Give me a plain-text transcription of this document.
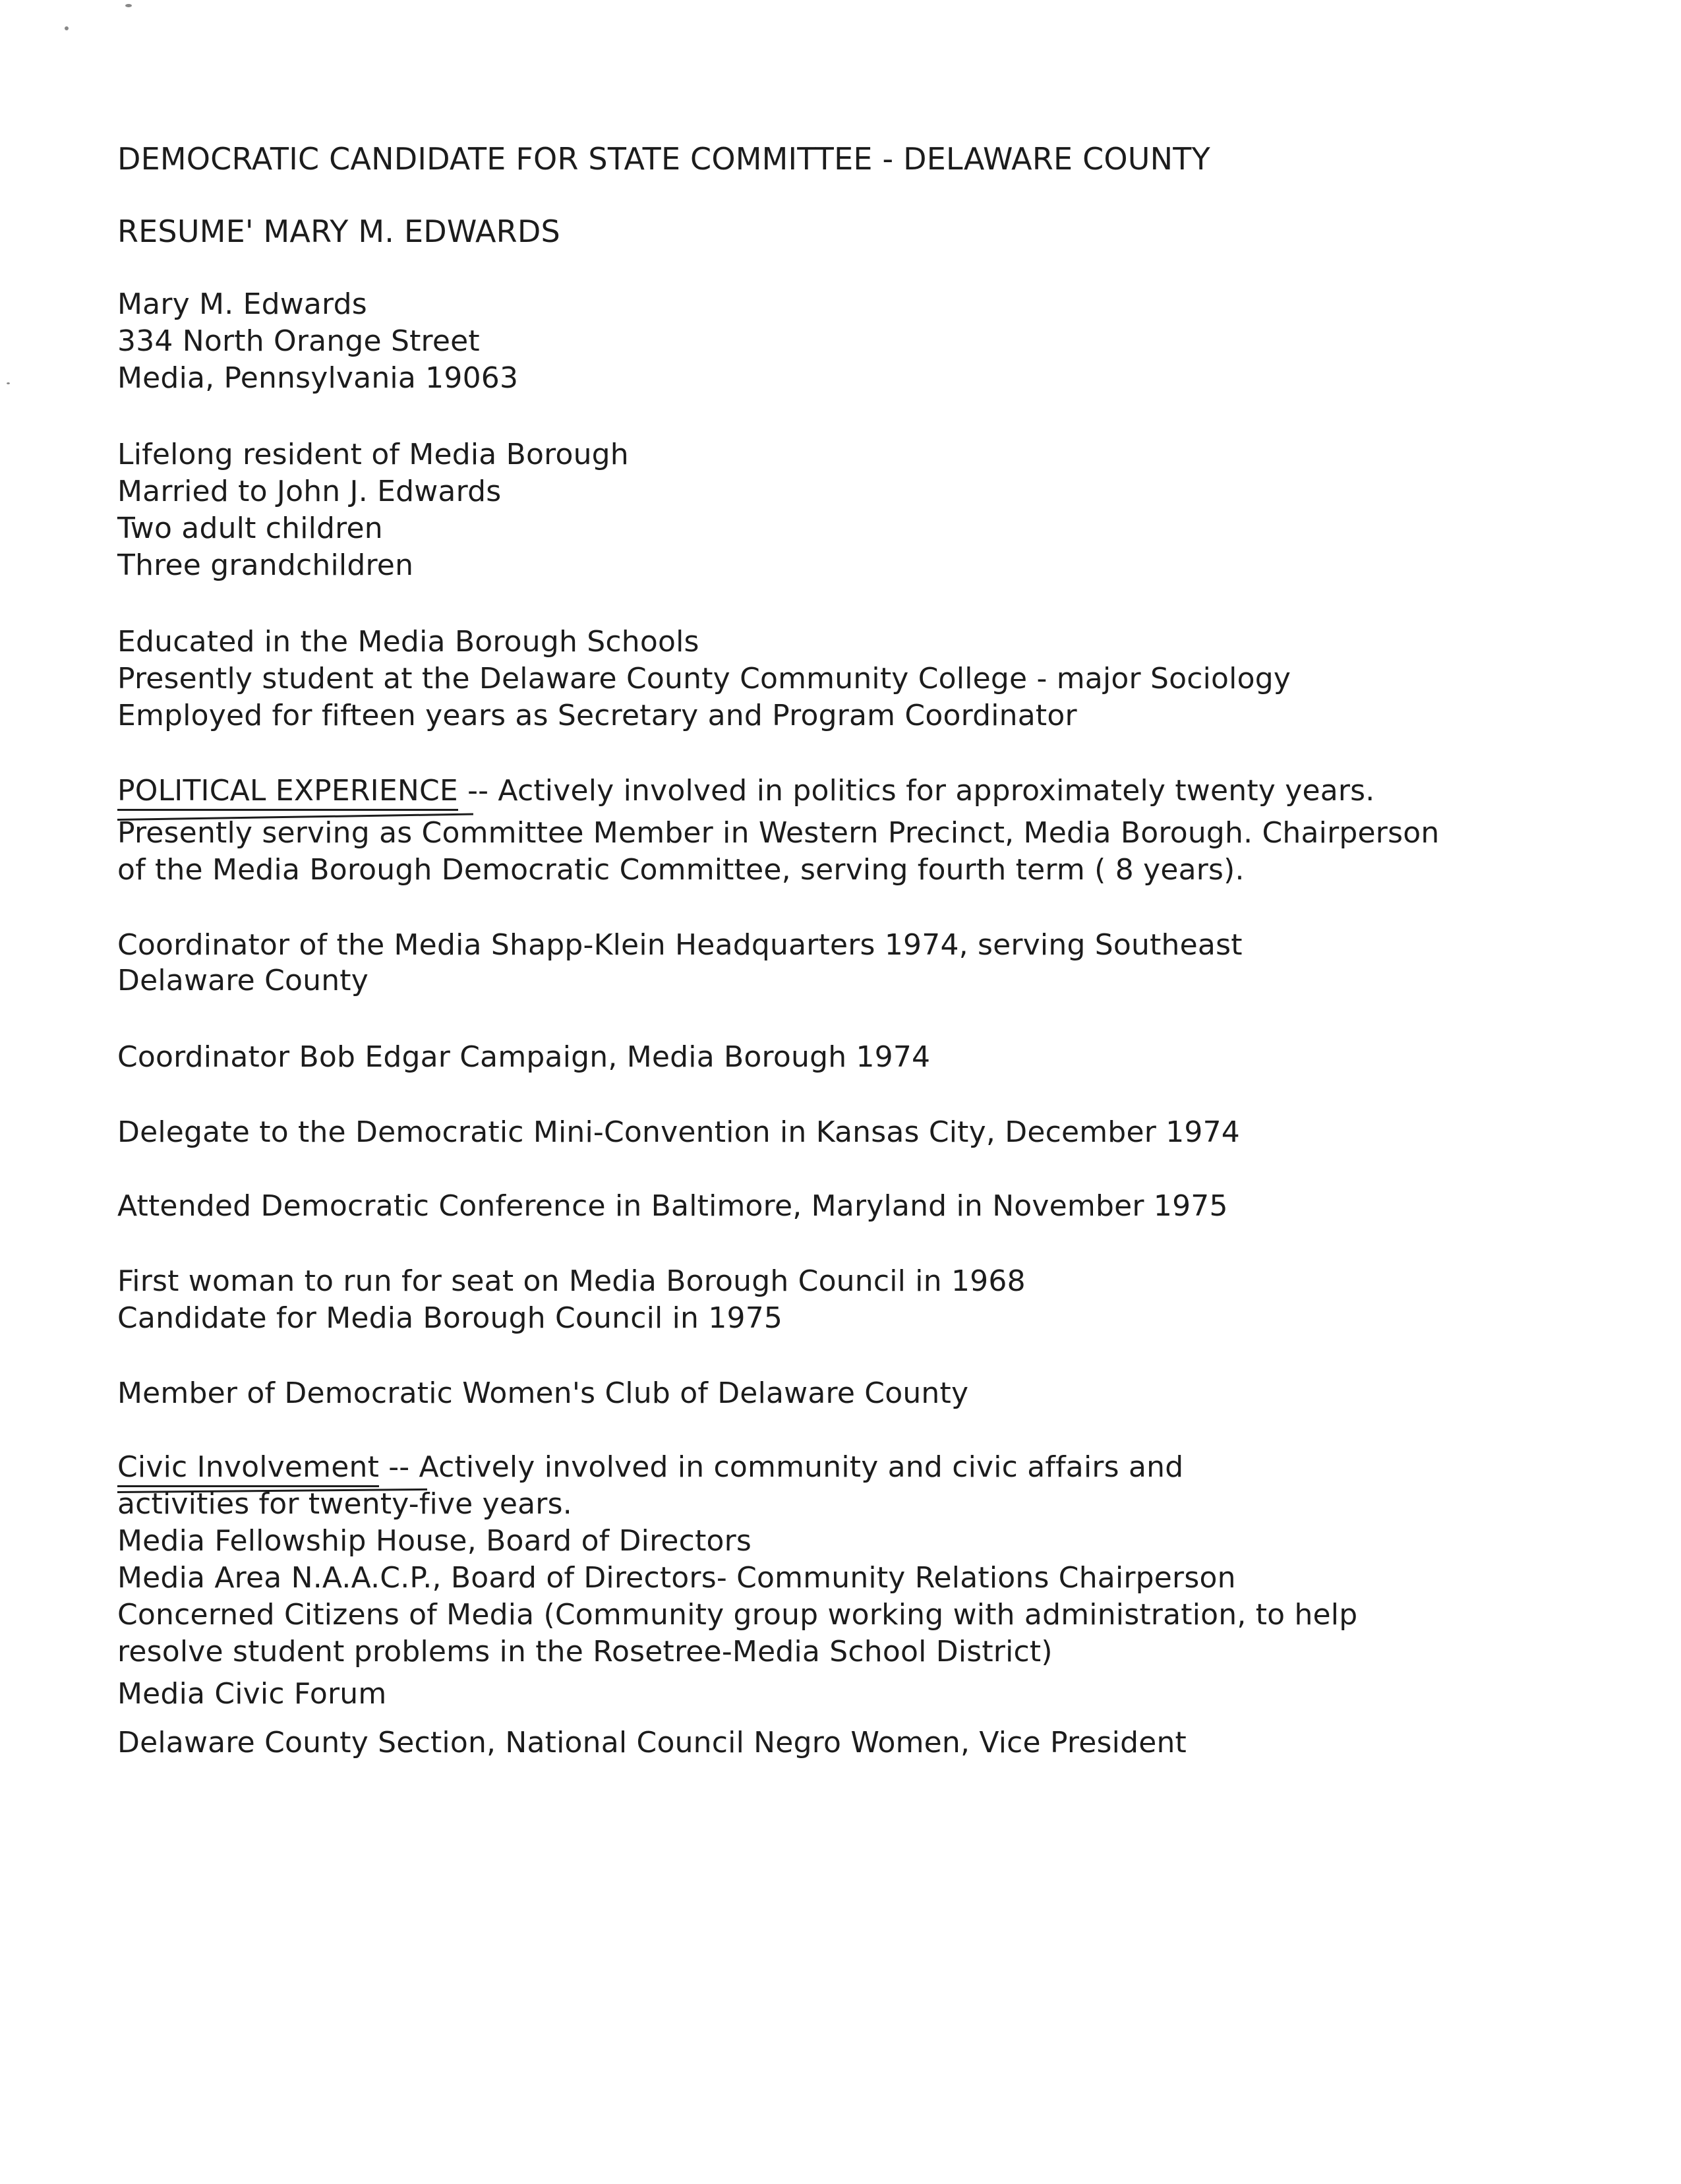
DEMOCRATIC CANDIDATE FOR STATE COMMITTEE - DELAWARE COUNTY
RESUME' MARY M. EDWARDS
Mary M. Edwards
334 North Orange Street
Media, Pennsylvania 19063
Lifelong resident of Media Borough
Married to John J. Edwards
Two adult children
Three grandchildren
Educated in the Media Borough Schools
Presently student at the Delaware County Community College - major Sociology
Employed for fifteen years as Secretary and Program Coordinator
POLITICAL EXPERIENCE -- Actively involved in politics for approximately twenty years.
Presently serving as Committee Member in Western Precinct, Media Borough. Chairperson
of the Media Borough Democratic Committee, serving fourth term ( 8 years).
Coordinator of the Media Shapp-Klein Headquarters 1974, serving Southeast
Delaware County
Coordinator Bob Edgar Campaign, Media Borough 1974
Delegate to the Democratic Mini-Convention in Kansas City, December 1974
Attended Democratic Conference in Baltimore, Maryland in November 1975
First woman to run for seat on Media Borough Council in 1968
Candidate for Media Borough Council in 1975
Member of Democratic Women's Club of Delaware County
Civic Involvement -- Actively involved in community and civic affairs and
activities for twenty-five years.
Media Fellowship House, Board of Directors
Media Area N.A.A.C.P., Board of Directors- Community Relations Chairperson
Concerned Citizens of Media (Community group working with administration, to help
resolve student problems in the Rosetree-Media School District)
Media Civic Forum
Delaware County Section, National Council Negro Women, Vice President
